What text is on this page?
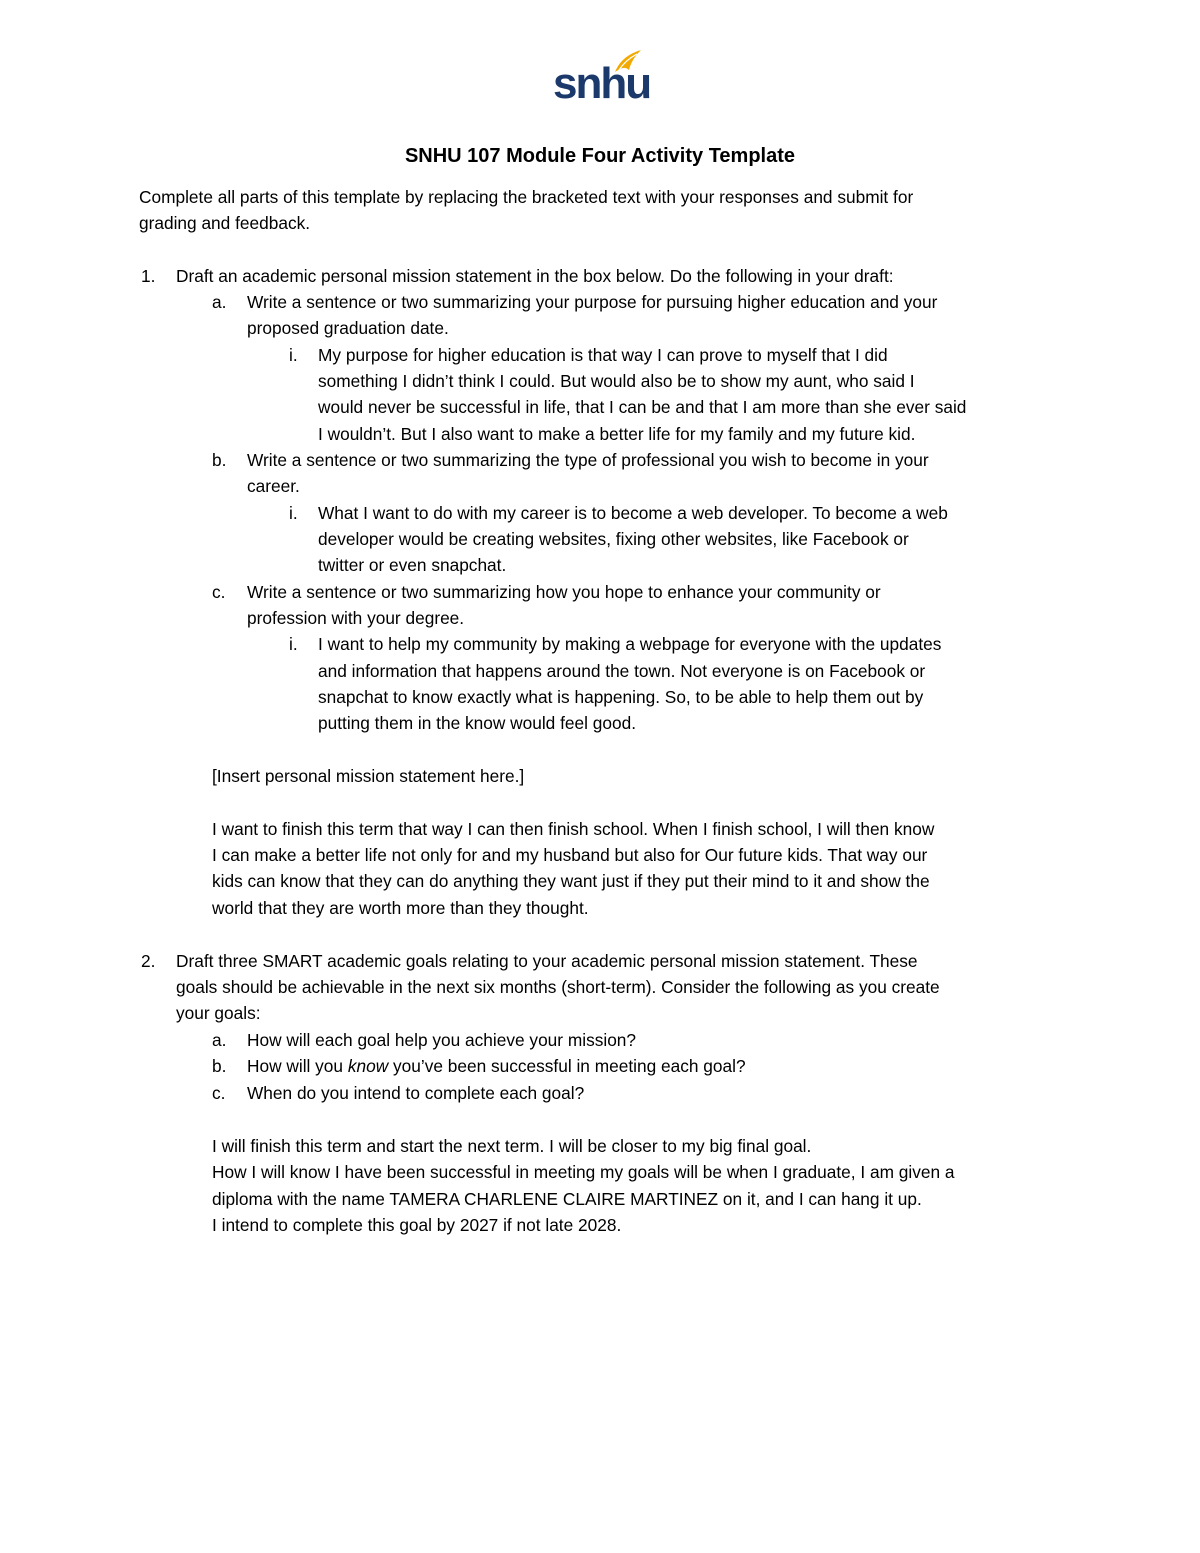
snhu
SNHU 107 Module Four Activity Template
Complete all parts of this template by replacing the bracketed text with your responses and submit for
grading and feedback.
1. Draft an academic personal mission statement in the box below. Do the following in your draft:
a. Write a sentence or two summarizing your purpose for pursuing higher education and your
proposed graduation date.
i. My purpose for higher education is that way I can prove to myself that I did
something I didn’t think I could. But would also be to show my aunt, who said I
would never be successful in life, that I can be and that I am more than she ever said
I wouldn’t. But I also want to make a better life for my family and my future kid.
b. Write a sentence or two summarizing the type of professional you wish to become in your
career.
i. What I want to do with my career is to become a web developer. To become a web
developer would be creating websites, fixing other websites, like Facebook or
twitter or even snapchat.
c. Write a sentence or two summarizing how you hope to enhance your community or
profession with your degree.
i. I want to help my community by making a webpage for everyone with the updates
and information that happens around the town. Not everyone is on Facebook or
snapchat to know exactly what is happening. So, to be able to help them out by
putting them in the know would feel good.
[Insert personal mission statement here.]
I want to finish this term that way I can then finish school. When I finish school, I will then know
I can make a better life not only for and my husband but also for Our future kids. That way our
kids can know that they can do anything they want just if they put their mind to it and show the
world that they are worth more than they thought.
2. Draft three SMART academic goals relating to your academic personal mission statement. These
goals should be achievable in the next six months (short-term). Consider the following as you create
your goals:
a. How will each goal help you achieve your mission?
b. How will you know you’ve been successful in meeting each goal?
c. When do you intend to complete each goal?
I will finish this term and start the next term. I will be closer to my big final goal.
How I will know I have been successful in meeting my goals will be when I graduate, I am given a
diploma with the name TAMERA CHARLENE CLAIRE MARTINEZ on it, and I can hang it up.
I intend to complete this goal by 2027 if not late 2028.
